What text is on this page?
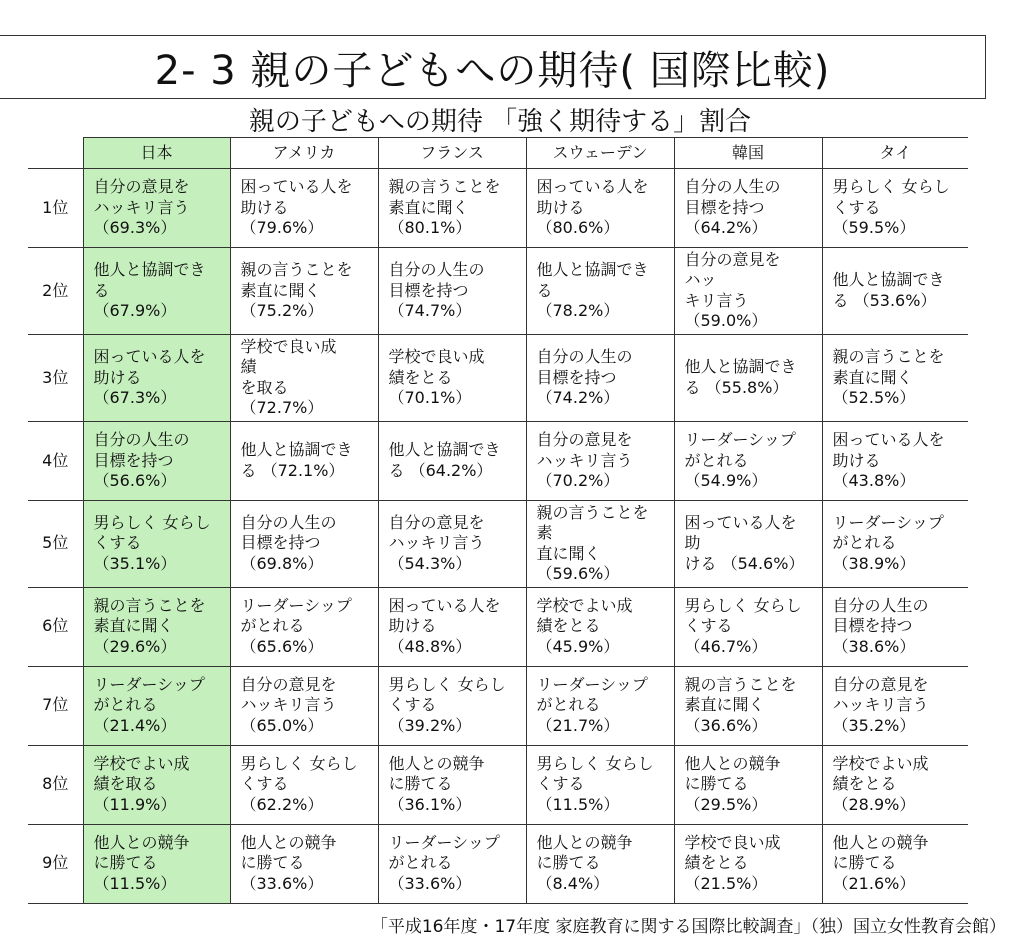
2- 3 親の子どもへの期待( 国際比較)
親の子どもへの期待 「強く期待する」割合
	日本	アメリカ	フランス	スウェーデン	韓国	タイ
1位	自分の意見を
ハッキリ言う
（69.3%）	困っている人を
助ける （79.6%）	親の言うことを
素直に聞く
（80.1%）	困っている人を
助ける （80.6%）	自分の人生の
目標を持つ
（64.2%）	男らしく 女らし
くする （59.5%）

2位	他人と協調でき
る
（67.9%）	親の言うことを
素直に聞く
（75.2%）	自分の人生の
目標を持つ
（74.7%）	他人と協調でき
る
（78.2%）	自分の意見を
ハッ
キリ言う （59.0%）	他人と協調でき
る （53.6%）

3位	困っている人を
助ける （67.3%）	学校で良い成
績
を取る （72.7%）	学校で良い成
績をとる （70.1%）	自分の人生の
目標を持つ
（74.2%）	他人と協調でき
る （55.8%）	親の言うことを
素直に聞く
（52.5%）

4位	自分の人生の
目標を持つ
（56.6%）	他人と協調でき
る （72.1%）	他人と協調でき
る （64.2%）	自分の意見を
ハッキリ言う
（70.2%）	リーダーシップ
がとれる
（54.9%）	困っている人を
助ける （43.8%）

5位	男らしく 女らし
くする （35.1%）	自分の人生の
目標を持つ
（69.8%）	自分の意見を
ハッキリ言う
（54.3%）	親の言うことを
素
直に聞く
（59.6%）	困っている人を
助
ける （54.6%）	リーダーシップ
がとれる
（38.9%）

6位	親の言うことを
素直に聞く
（29.6%）	リーダーシップ
がとれる
（65.6%）	困っている人を
助ける （48.8%）	学校でよい成
績をとる （45.9%）	男らしく 女らし
くする （46.7%）	自分の人生の
目標を持つ
（38.6%）

7位	リーダーシップ
がとれる
（21.4%）	自分の意見を
ハッキリ言う
（65.0%）	男らしく 女らし
くする （39.2%）	リーダーシップ
がとれる
（21.7%）	親の言うことを
素直に聞く
（36.6%）	自分の意見を
ハッキリ言う
（35.2%）

8位	学校でよい成
績を取る
（11.9%）	男らしく 女らし
くする （62.2%）	他人との競争
に勝てる
（36.1%）	男らしく 女らし
くする （11.5%）	他人との競争
に勝てる
（29.5%）	学校でよい成
績をとる （28.9%）

9位	他人との競争
に勝てる
（11.5%）	他人との競争
に勝てる
（33.6%）	リーダーシップ
がとれる
（33.6%）	他人との競争
に勝てる （8.4%）	学校で良い成
績をとる （21.5%）	他人との競争
に勝てる
（21.6%）
「平成16年度・17年度 家庭教育に関する国際比較調査」（独）国立女性教育会館）
